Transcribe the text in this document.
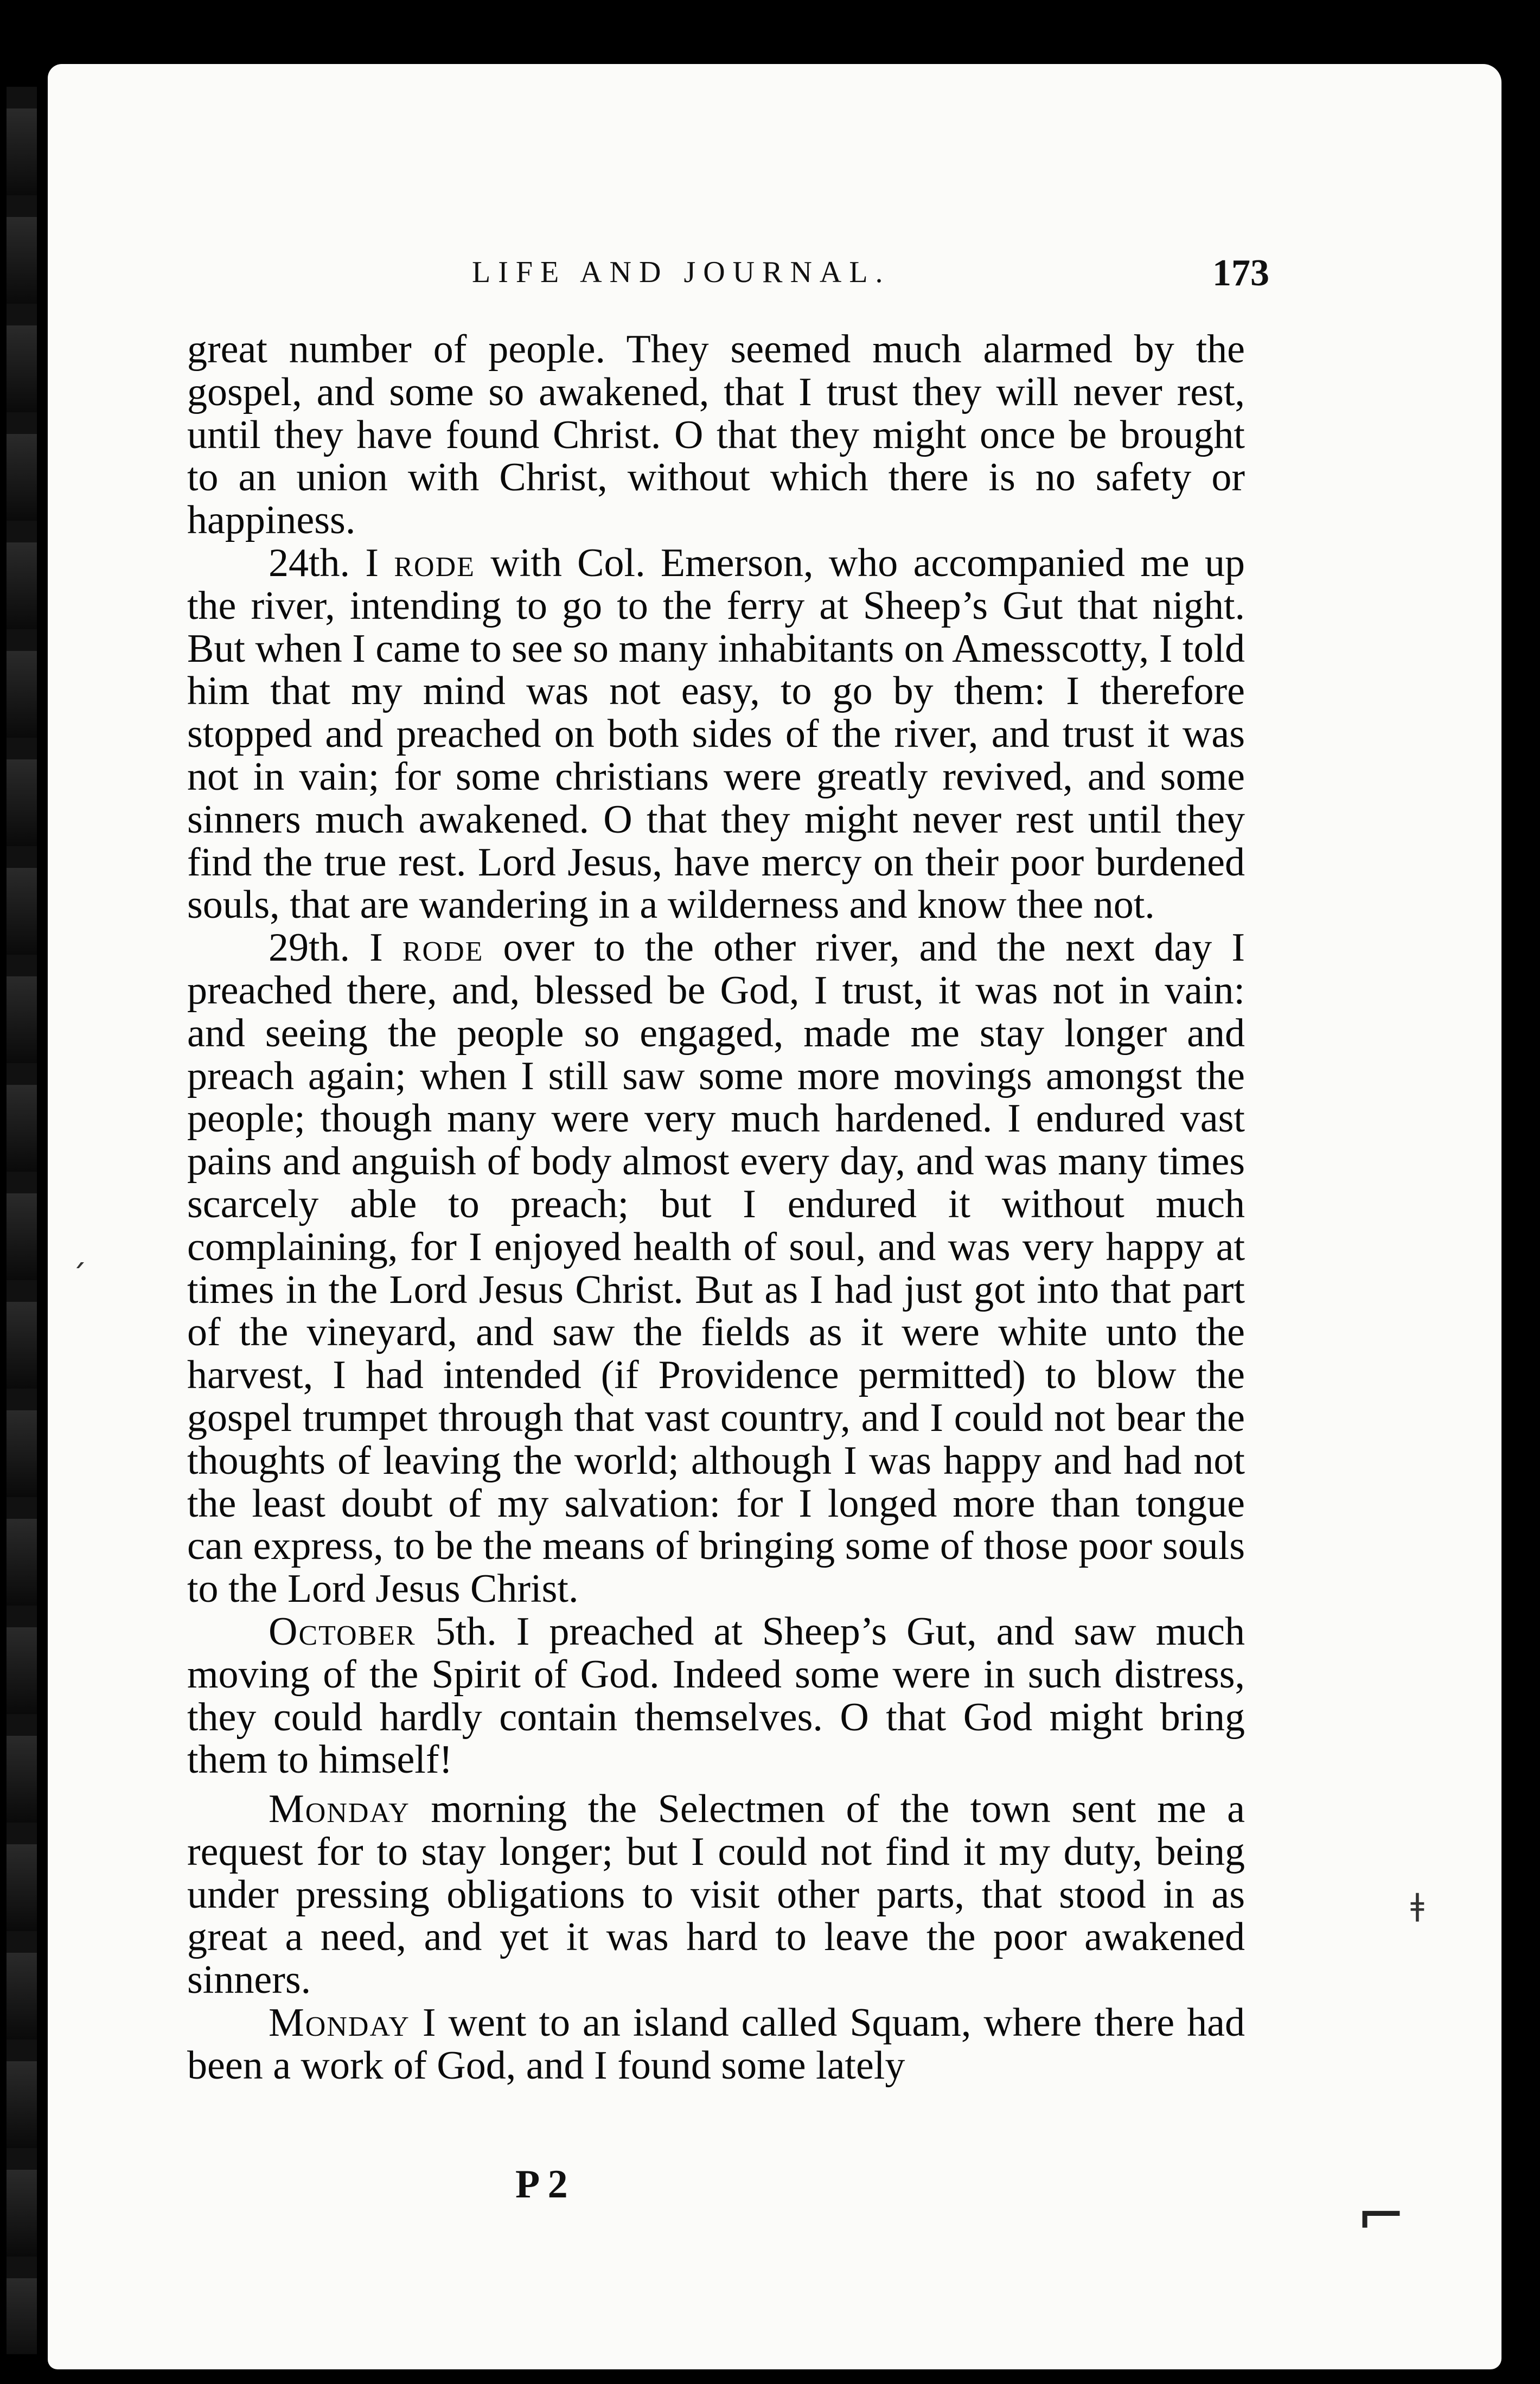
LIFE AND JOURNAL.	173

great number of people. They seemed much alarmed by the gospel, and some so awakened, that I trust they will never rest, until they have found Christ. O that they might once be brought to an union with Christ, without which there is no safety or happiness.

24th. I rode with Col. Emerson, who accompanied me up the river, intending to go to the ferry at Sheep’s Gut that night. But when I came to see so many inhabitants on Amesscotty, I told him that my mind was not easy, to go by them: I therefore stopped and preached on both sides of the river, and trust it was not in vain; for some christians were greatly revived, and some sinners much awakened. O that they might never rest until they find the true rest. Lord Jesus, have mercy on their poor burdened souls, that are wandering in a wilderness and know thee not.

29th. I rode over to the other river, and the next day I preached there, and, blessed be God, I trust, it was not in vain: and seeing the people so engaged, made me stay longer and preach again; when I still saw some more movings amongst the people; though many were very much hardened. I endured vast pains and anguish of body almost every day, and was many times scarcely able to preach; but I endured it without much complaining, for I enjoyed health of soul, and was very happy at times in the Lord Jesus Christ. But as I had just got into that part of the vineyard, and saw the fields as it were white unto the harvest, I had intended (if Providence permitted) to blow the gospel trumpet through that vast country, and I could not bear the thoughts of leaving the world; although I was happy and had not the least doubt of my salvation: for I longed more than tongue can express, to be the means of bringing some of those poor souls to the Lord Jesus Christ.

October 5th. I preached at Sheep’s Gut, and saw much moving of the Spirit of God. Indeed some were in such distress, they could hardly contain themselves. O that God might bring them to himself!

Monday morning the Selectmen of the town sent me a request for to stay longer; but I could not find it my duty, being under pressing obligations to visit other parts, that stood in as great a need, and yet it was hard to leave the poor awakened sinners.

Monday I went to an island called Squam, where there had been a work of God, and I found some lately

P 2
ˊ
ǂ
⌐
